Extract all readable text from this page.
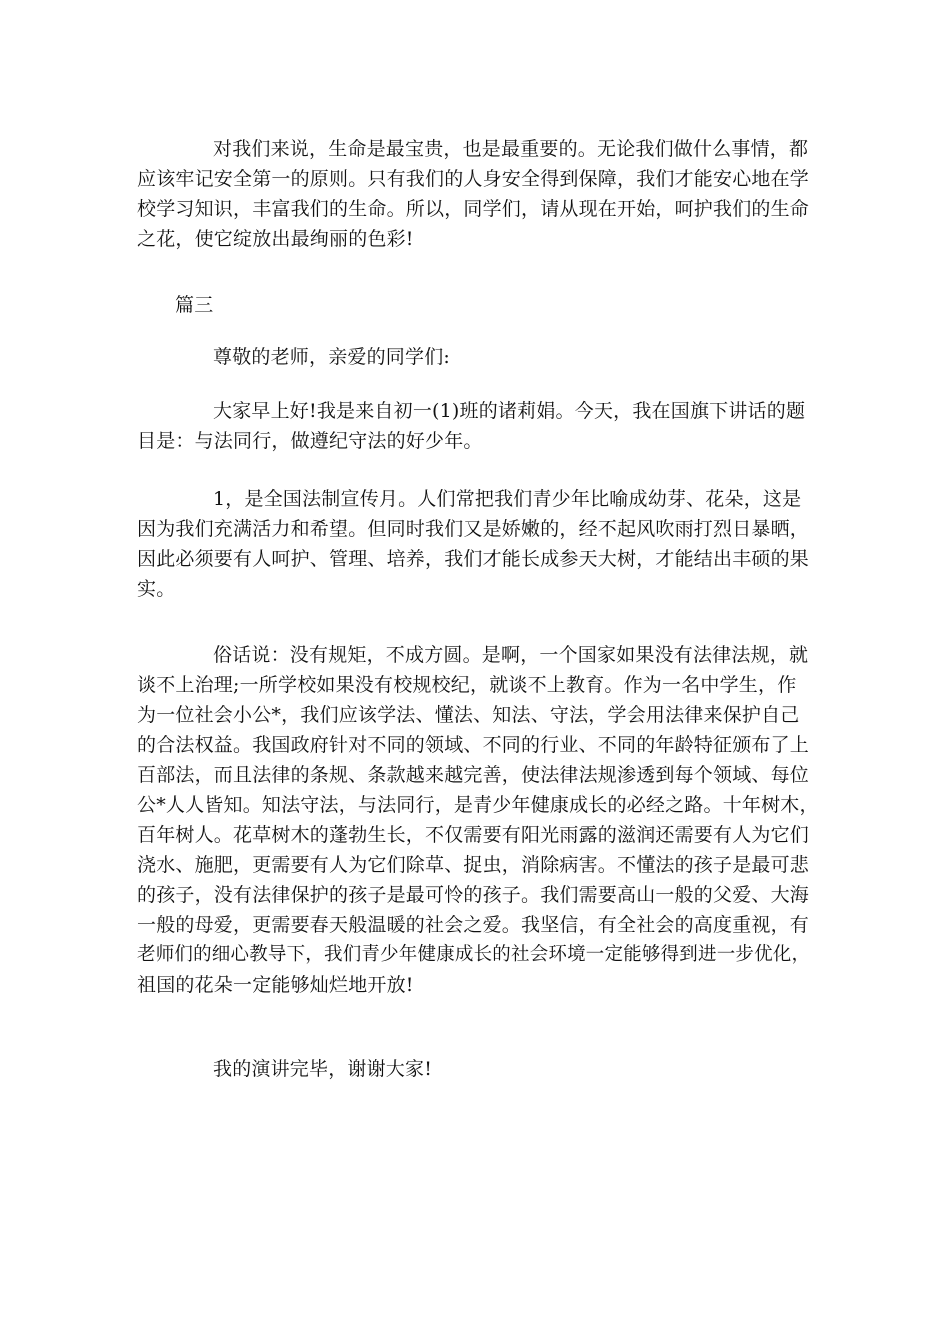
对我们来说，生命是最宝贵，也是最重要的。无论我们做什么事情，都
应该牢记安全第一的原则。只有我们的人身安全得到保障，我们才能安心地在学
校学习知识，丰富我们的生命。所以，同学们，请从现在开始，呵护我们的生命
之花，使它绽放出最绚丽的色彩!
篇三
尊敬的老师，亲爱的同学们:
大家早上好!我是来自初一(1)班的诸莉娟。今天，我在国旗下讲话的题
目是：与法同行，做遵纪守法的好少年。
1，是全国法制宣传月。人们常把我们青少年比喻成幼芽、花朵，这是
因为我们充满活力和希望。但同时我们又是娇嫩的，经不起风吹雨打烈日暴晒，
因此必须要有人呵护、管理、培养，我们才能长成参天大树，才能结出丰硕的果
实。
俗话说：没有规矩，不成方圆。是啊，一个国家如果没有法律法规，就
谈不上治理;一所学校如果没有校规校纪，就谈不上教育。作为一名中学生，作
为一位社会小公*，我们应该学法、懂法、知法、守法，学会用法律来保护自己
的合法权益。我国政府针对不同的领域、不同的行业、不同的年龄特征颁布了上
百部法，而且法律的条规、条款越来越完善，使法律法规渗透到每个领域、每位
公*人人皆知。知法守法，与法同行，是青少年健康成长的必经之路。十年树木，
百年树人。花草树木的蓬勃生长，不仅需要有阳光雨露的滋润还需要有人为它们
浇水、施肥，更需要有人为它们除草、捉虫，消除病害。不懂法的孩子是最可悲
的孩子，没有法律保护的孩子是最可怜的孩子。我们需要高山一般的父爱、大海
一般的母爱，更需要春天般温暖的社会之爱。我坚信，有全社会的高度重视，有
老师们的细心教导下，我们青少年健康成长的社会环境一定能够得到进一步优化，
祖国的花朵一定能够灿烂地开放!
我的演讲完毕，谢谢大家!
